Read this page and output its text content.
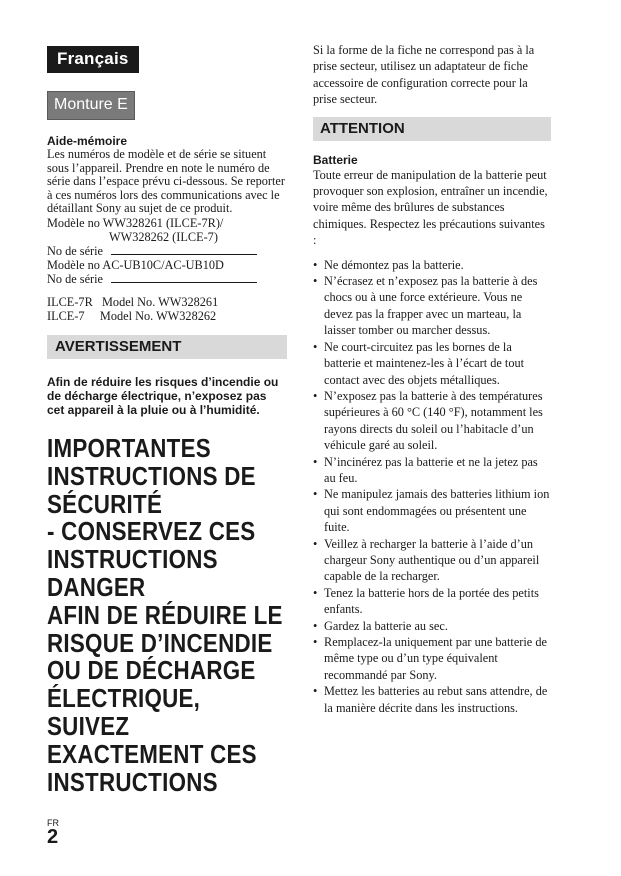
Français
Monture E
Aide-mémoire
Les numéros de modèle et de série se situent sous l’appareil. Prendre en note le numéro de série dans l’espace prévu ci-dessous. Se reporter à ces numéros lors des communications avec le détaillant Sony au sujet de ce produit.
Modèle no WW328261 (ILCE-7R)/
WW328262 (ILCE-7)
No de série
Modèle no AC-UB10C/AC-UB10D
No de série
ILCE-7R   Model No. WW328261
ILCE-7     Model No. WW328262
AVERTISSEMENT
Afin de réduire les risques d’incendie ou de décharge électrique, n’exposez pas cet appareil à la pluie ou à l’humidité.
IMPORTANTES
INSTRUCTIONS DE
SÉCURITÉ
- CONSERVEZ CES
INSTRUCTIONS
DANGER
AFIN DE RÉDUIRE LE
RISQUE D’INCENDIE
OU DE DÉCHARGE
ÉLECTRIQUE, SUIVEZ
EXACTEMENT CES
INSTRUCTIONS
Si la forme de la fiche ne correspond pas à la prise secteur, utilisez un adaptateur de fiche accessoire de configuration correcte pour la prise secteur.
ATTENTION
Batterie
Toute erreur de manipulation de la batterie peut provoquer son explosion, entraîner un incendie, voire même des brûlures de substances chimiques. Respectez les précautions suivantes :
• Ne démontez pas la batterie.
• N’écrasez et n’exposez pas la batterie à des chocs ou à une force extérieure. Vous ne devez pas la frapper avec un marteau, la laisser tomber ou marcher dessus.
• Ne court-circuitez pas les bornes de la batterie et maintenez-les à l’écart de tout contact avec des objets métalliques.
• N’exposez pas la batterie à des températures supérieures à 60 °C (140 °F), notamment les rayons directs du soleil ou l’habitacle d’un véhicule garé au soleil.
• N’incinérez pas la batterie et ne la jetez pas au feu.
• Ne manipulez jamais des batteries lithium ion qui sont endommagées ou présentent une fuite.
• Veillez à recharger la batterie à l’aide d’un chargeur Sony authentique ou d’un appareil capable de la recharger.
• Tenez la batterie hors de la portée des petits enfants.
• Gardez la batterie au sec.
• Remplacez-la uniquement par une batterie de même type ou d’un type équivalent recommandé par Sony.
• Mettez les batteries au rebut sans attendre, de la manière décrite dans les instructions.
FR
2
